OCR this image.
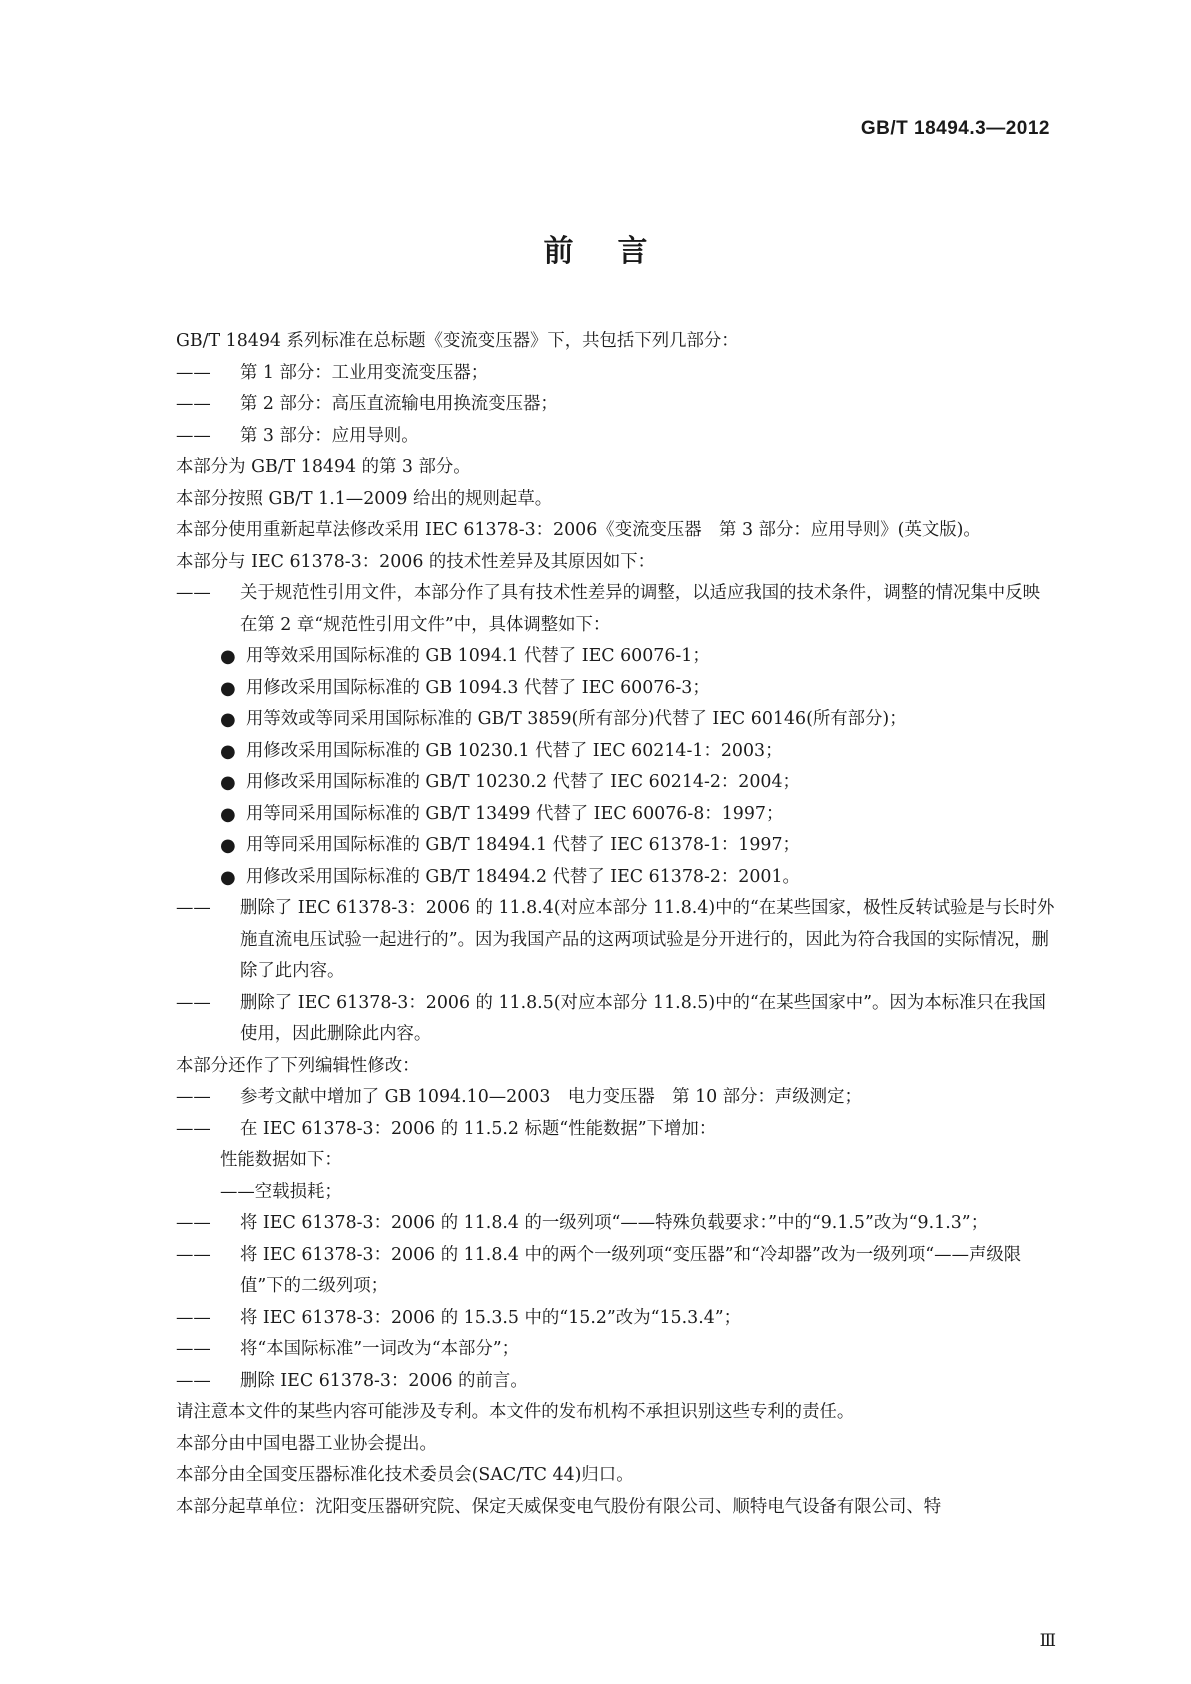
GB/T 18494.3—2012
前言

GB/T 18494 系列标准在总标题《变流变压器》下，共包括下列几部分：

—— 第 1 部分：工业用变流变压器；

—— 第 2 部分：高压直流输电用换流变压器；

—— 第 3 部分：应用导则。

本部分为 GB/T 18494 的第 3 部分。

本部分按照 GB/T 1.1—2009 给出的规则起草。

本部分使用重新起草法修改采用 IEC 61378-3：2006《变流变压器　第 3 部分：应用导则》(英文版)。

本部分与 IEC 61378-3：2006 的技术性差异及其原因如下：

—— 关于规范性引用文件，本部分作了具有技术性差异的调整，以适应我国的技术条件，调整的情况集中反映在第 2 章“规范性引用文件”中，具体调整如下：

● 用等效采用国际标准的 GB 1094.1 代替了 IEC 60076-1；

● 用修改采用国际标准的 GB 1094.3 代替了 IEC 60076-3；

● 用等效或等同采用国际标准的 GB/T 3859(所有部分)代替了 IEC 60146(所有部分)；

● 用修改采用国际标准的 GB 10230.1 代替了 IEC 60214-1：2003；

● 用修改采用国际标准的 GB/T 10230.2 代替了 IEC 60214-2：2004；

● 用等同采用国际标准的 GB/T 13499 代替了 IEC 60076-8：1997；

● 用等同采用国际标准的 GB/T 18494.1 代替了 IEC 61378-1：1997；

● 用修改采用国际标准的 GB/T 18494.2 代替了 IEC 61378-2：2001。

—— 删除了 IEC 61378-3：2006 的 11.8.4(对应本部分 11.8.4)中的“在某些国家，极性反转试验是与长时外施直流电压试验一起进行的”。因为我国产品的这两项试验是分开进行的，因此为符合我国的实际情况，删除了此内容。

—— 删除了 IEC 61378-3：2006 的 11.8.5(对应本部分 11.8.5)中的“在某些国家中”。因为本标准只在我国使用，因此删除此内容。

本部分还作了下列编辑性修改：

—— 参考文献中增加了 GB 1094.10—2003　电力变压器　第 10 部分：声级测定；

—— 在 IEC 61378-3：2006 的 11.5.2 标题“性能数据”下增加：

性能数据如下：

——空载损耗；

—— 将 IEC 61378-3：2006 的 11.8.4 的一级列项“——特殊负载要求：”中的“9.1.5”改为“9.1.3”；

—— 将 IEC 61378-3：2006 的 11.8.4 中的两个一级列项“变压器”和“冷却器”改为一级列项“——声级限值”下的二级列项；

—— 将 IEC 61378-3：2006 的 15.3.5 中的“15.2”改为“15.3.4”；

—— 将“本国际标准”一词改为“本部分”；

—— 删除 IEC 61378-3：2006 的前言。

请注意本文件的某些内容可能涉及专利。本文件的发布机构不承担识别这些专利的责任。

本部分由中国电器工业协会提出。

本部分由全国变压器标准化技术委员会(SAC/TC 44)归口。

本部分起草单位：沈阳变压器研究院、保定天威保变电气股份有限公司、顺特电气设备有限公司、特

Ⅲ
